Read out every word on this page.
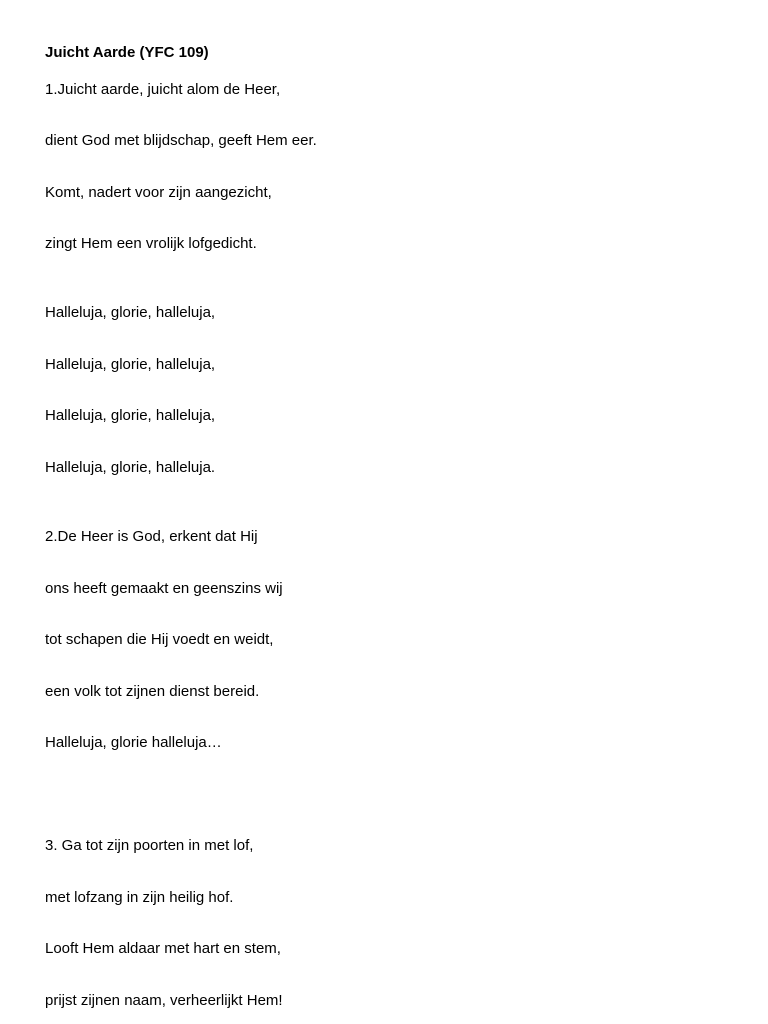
Juicht Aarde (YFC 109)
1.Juicht aarde, juicht alom de Heer,
dient God met blijdschap, geeft Hem eer.
Komt, nadert voor zijn aangezicht,
zingt Hem een vrolijk lofgedicht.
Halleluja, glorie, halleluja,
Halleluja, glorie, halleluja,
Halleluja, glorie, halleluja,
Halleluja, glorie, halleluja.
2.De Heer is God, erkent dat Hij
ons heeft gemaakt en geenszins wij
tot schapen die Hij voedt en weidt,
een volk tot zijnen dienst bereid.
Halleluja, glorie halleluja…
3. Ga tot zijn poorten in met lof,
met lofzang in zijn heilig hof.
Looft Hem aldaar met hart en stem,
prijst zijnen naam, verheerlijkt Hem!
